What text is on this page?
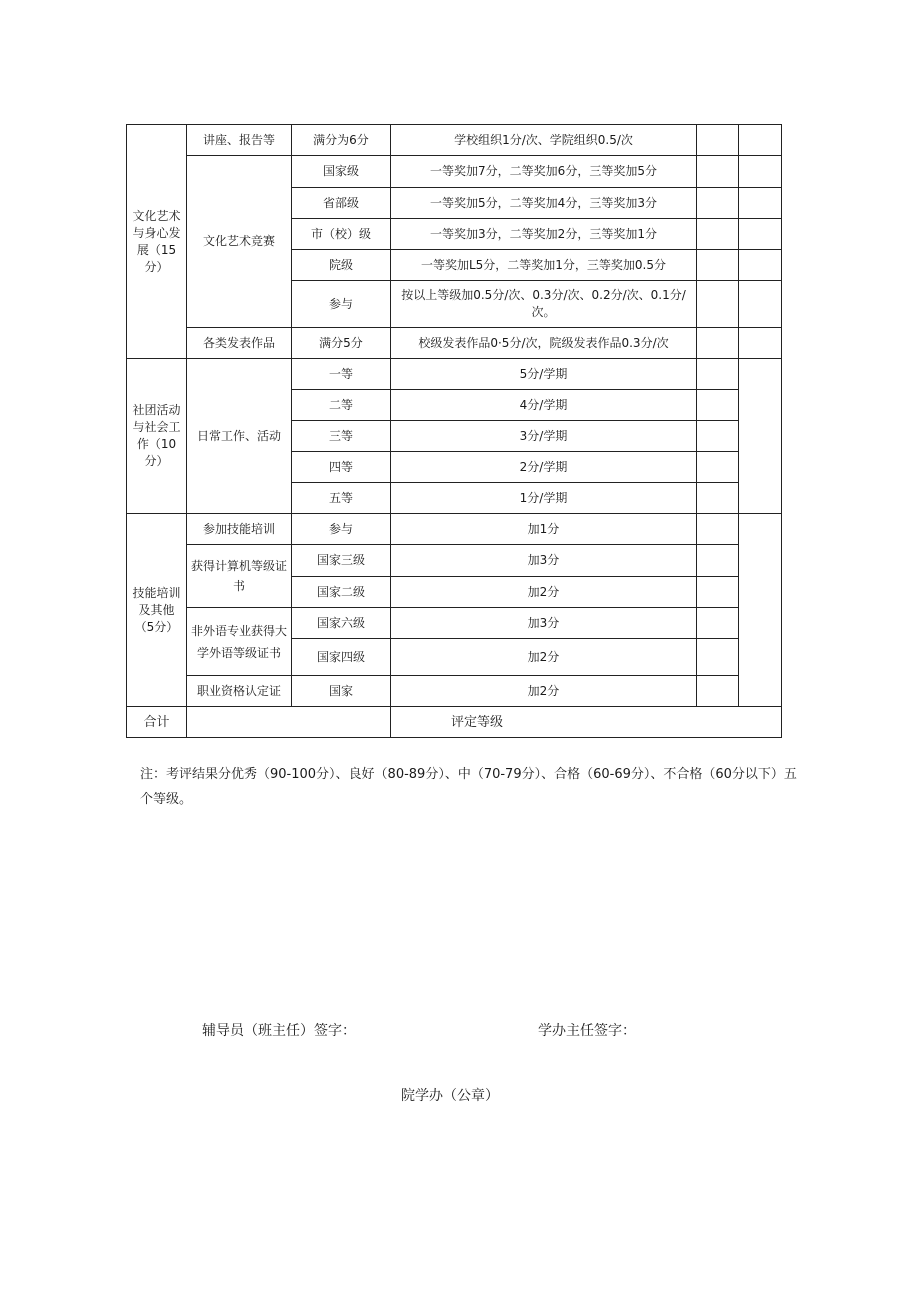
文化艺术与身心发展（15分）	讲座、报告等	满分为6分	学校组织1分/次、学院组织0.5/次		
	文化艺术竞赛	国家级	一等奖加7分，二等奖加6分，三等奖加5分		
		省部级	一等奖加5分，二等奖加4分，三等奖加3分		
		市（校）级	一等奖加3分，二等奖加2分，三等奖加1分		
		院级	一等奖加L5分，二等奖加1分，三等奖加0.5分		
		参与	按以上等级加0.5分/次、0.3分/次、0.2分/次、0.1分/次。		
	各类发表作品	满分5分	校级发表作品0·5分/次，院级发表作品0.3分/次		
社团活动与社会工作（10分）	日常工作、活动	一等	5分/学期		
		二等	4分/学期		
		三等	3分/学期		
		四等	2分/学期		
		五等	1分/学期		
技能培训及其他（5分）	参加技能培训	参与	加1分		
	获得计算机等级证书	国家三级	加3分		
		国家二级	加2分		
	非外语专业获得大学外语等级证书	国家六级	加3分		
		国家四级	加2分		
	职业资格认定证	国家	加2分		
合计			评定等级		
注：考评结果分优秀（90-100分）、良好（80-89分）、中（70-79分）、合格（60-69分）、不合格（60分以下）五个等级。
辅导员（班主任）签字：	学办主任签字：
院学办（公章）
